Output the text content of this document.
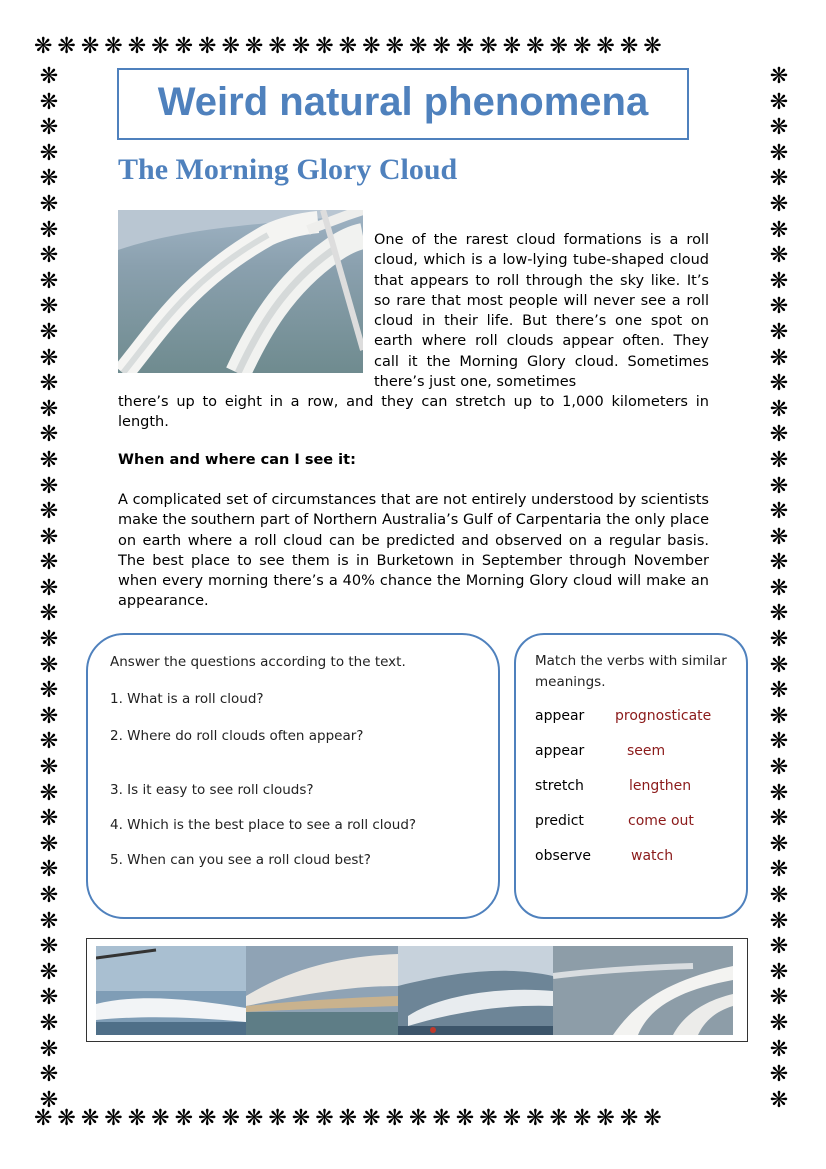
❋❋❋❋❋❋❋❋❋❋❋❋❋❋❋❋❋❋❋❋❋❋❋❋❋❋❋
❋❋❋❋❋❋❋❋❋❋❋❋❋❋❋❋❋❋❋❋❋❋❋❋❋❋❋
❋❋❋❋❋❋❋❋❋❋❋❋❋❋❋❋❋❋❋❋❋❋❋❋❋❋❋❋❋❋❋❋❋❋❋❋❋❋❋❋❋
❋❋❋❋❋❋❋❋❋❋❋❋❋❋❋❋❋❋❋❋❋❋❋❋❋❋❋❋❋❋❋❋❋❋❋❋❋❋❋❋❋
Weird natural phenomena
The Morning Glory Cloud
One of the rarest cloud formations is a roll cloud, which is a low-lying tube-shaped cloud that appears to roll through the sky like. It’s so rare that most people will never see a roll cloud in their life. But there’s one spot on earth where roll clouds appear often. They call it the Morning Glory cloud. Sometimes there’s just one, sometimes
there’s up to eight in a row, and they can stretch up to 1,000 kilometers in length.
When and where can I see it:
A complicated set of circumstances that are not entirely understood by scientists make the southern part of Northern Australia’s Gulf of Carpentaria the only place on earth where a roll cloud can be predicted and observed on a regular basis. The best place to see them is in Burketown in September through November when every morning there’s a 40% chance the Morning Glory cloud will make an appearance.
Answer the questions according to the text.
1. What is a roll cloud?
2. Where do roll clouds often appear?
3. Is it easy to see roll clouds?
4. Which is the best place to see a roll cloud?
5. When can you see a roll cloud best?
Match the verbs with similar meanings.
appear
appear
stretch
predict
observe
prognosticate
seem
lengthen
come out
watch
